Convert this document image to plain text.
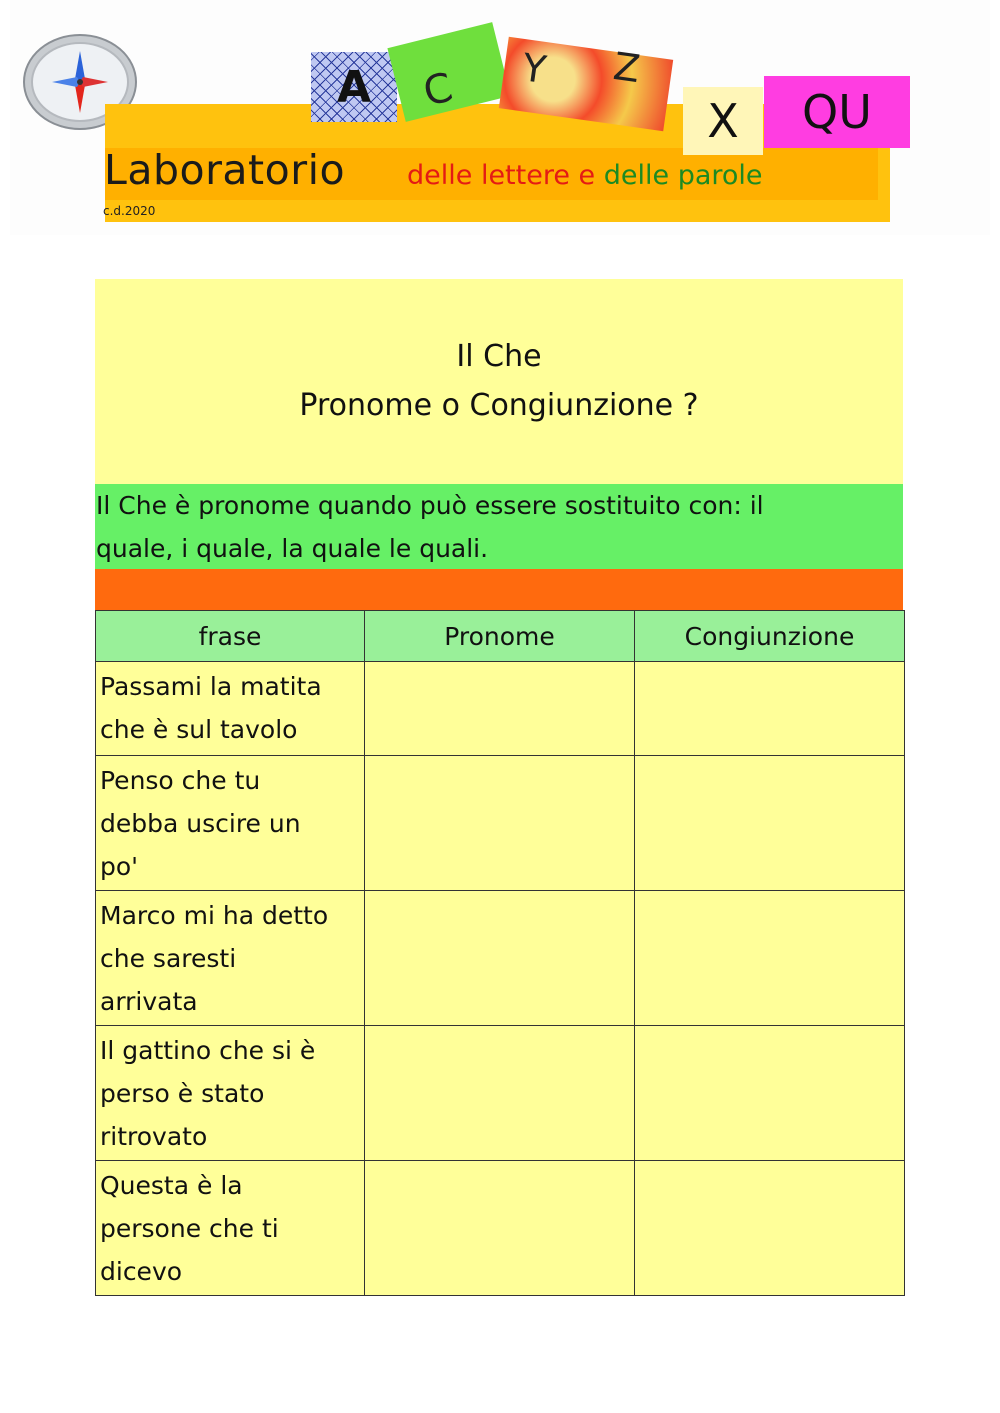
A C Y Z
X QU
Laboratorio delle lettere e delle parole
c.d.2020
Il Che
Pronome o Congiunzione ?
Il Che è pronome quando può essere sostituito con: il
quale, i quale, la quale le quali.
frase	Pronome	Congiunzione

Passami la matita
che è sul tavolo		

Penso che tu
debba uscire un
po'		

Marco mi ha detto
che saresti
arrivata		

Il gattino che si è
perso è stato
ritrovato		

Questa è la
persone che ti
dicevo		
